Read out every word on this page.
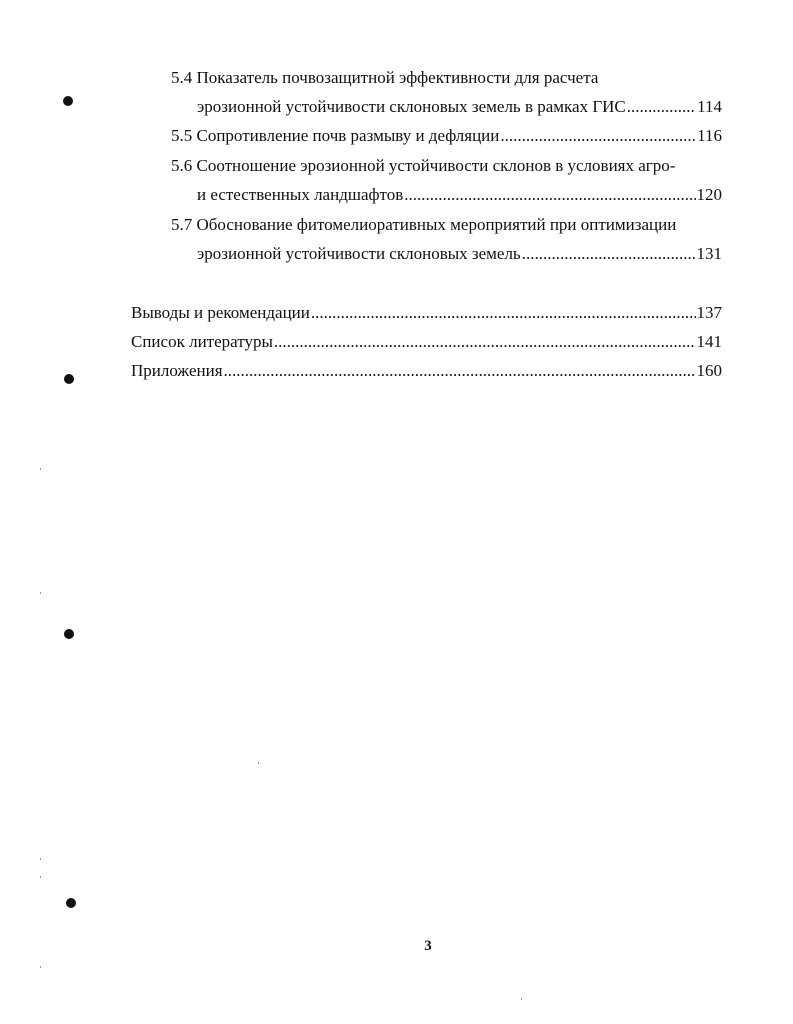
5.4 Показатель почвозащитной эффективности для расчета
эрозионной устойчивости склоновых земель в рамках ГИС .....	114
5.5 Сопротивление почв размыву и дефляции .....	116
5.6 Соотношение эрозионной устойчивости склонов в условиях агро-
и естественных ландшафтов .....	120
5.7 Обоснование фитомелиоративных мероприятий при оптимизации
эрозионной устойчивости склоновых земель .....	131
Выводы и рекомендации .....	137
Список литературы .....	141
Приложения .....	160
3
